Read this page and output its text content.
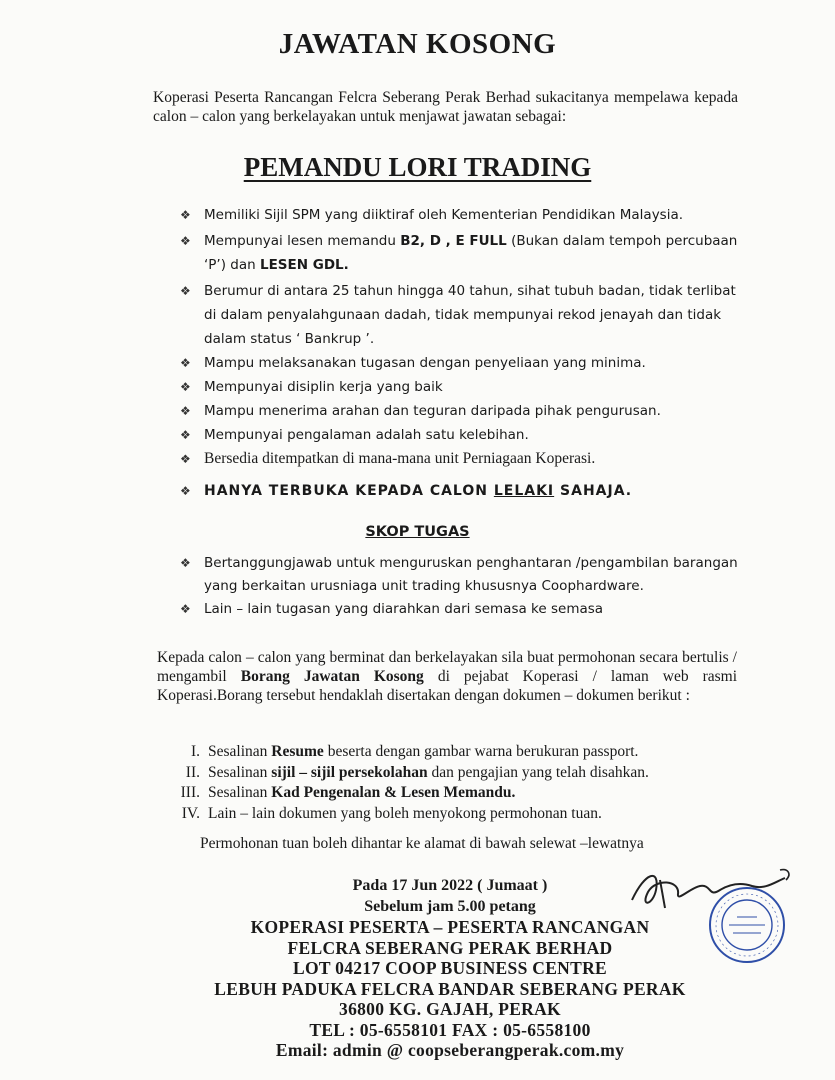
JAWATAN KOSONG
Koperasi Peserta Rancangan Felcra Seberang Perak Berhad sukacitanya mempelawa kepada calon – calon yang berkelayakan untuk menjawat jawatan sebagai:
PEMANDU LORI TRADING
❖ Memiliki Sijil SPM yang diiktiraf oleh Kementerian Pendidikan Malaysia.
❖ Mempunyai lesen memandu B2, D , E FULL (Bukan dalam tempoh percubaan ‘P’) dan LESEN GDL.
❖ Berumur di antara 25 tahun hingga 40 tahun, sihat tubuh badan, tidak terlibat di dalam penyalahgunaan dadah, tidak mempunyai rekod jenayah dan tidak dalam status ‘ Bankrup ’.
❖ Mampu melaksanakan tugasan dengan penyeliaan yang minima.
❖ Mempunyai disiplin kerja yang baik
❖ Mampu menerima arahan dan teguran daripada pihak pengurusan.
❖ Mempunyai pengalaman adalah satu kelebihan.
❖ Bersedia ditempatkan di mana-mana unit Perniagaan Koperasi.
❖ HANYA TERBUKA KEPADA CALON LELAKI SAHAJA.
SKOP TUGAS
❖ Bertanggungjawab untuk menguruskan penghantaran /pengambilan barangan yang berkaitan urusniaga unit trading khususnya Coophardware.
❖ Lain – lain tugasan yang diarahkan dari semasa ke semasa
Kepada calon – calon yang berminat dan berkelayakan sila buat permohonan secara bertulis / mengambil Borang Jawatan Kosong di pejabat Koperasi / laman web rasmi Koperasi.Borang tersebut hendaklah disertakan dengan dokumen – dokumen berikut :
I. Sesalinan Resume beserta dengan gambar warna berukuran passport.
II. Sesalinan sijil – sijil persekolahan dan pengajian yang telah disahkan.
III. Sesalinan Kad Pengenalan & Lesen Memandu.
IV. Lain – lain dokumen yang boleh menyokong permohonan tuan.
Permohonan tuan boleh dihantar ke alamat di bawah selewat –lewatnya
Pada 17 Jun 2022 ( Jumaat )
Sebelum jam 5.00 petang
KOPERASI PESERTA – PESERTA RANCANGAN
FELCRA SEBERANG PERAK BERHAD
LOT 04217 COOP BUSINESS CENTRE
LEBUH PADUKA FELCRA BANDAR SEBERANG PERAK
36800 KG. GAJAH, PERAK
TEL : 05-6558101 FAX : 05-6558100
Email: admin @ coopseberangperak.com.my
